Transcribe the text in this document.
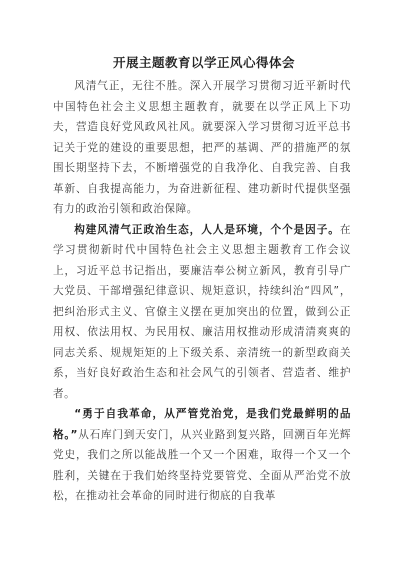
开展主题教育以学正风心得体会

风清气正，无往不胜。深入开展学习贯彻习近平新时代中国特色社会主义思想主题教育，就要在以学正风上下功夫，营造良好党风政风社风。就要深入学习贯彻习近平总书记关于党的建设的重要思想，把严的基调、严的措施严的氛围长期坚持下去，不断增强党的自我净化、自我完善、自我革新、自我提高能力，为奋进新征程、建功新时代提供坚强有力的政治引领和政治保障。

构建风清气正政治生态，人人是环境，个个是因子。在学习贯彻新时代中国特色社会主义思想主题教育工作会议上，习近平总书记指出，要廉洁奉公树立新风，教育引导广大党员、干部增强纪律意识、规矩意识，持续纠治“四风”，把纠治形式主义、官僚主义摆在更加突出的位置，做到公正用权、依法用权、为民用权、廉洁用权推动形成清清爽爽的同志关系、规规矩矩的上下级关系、亲清统一的新型政商关系，当好良好政治生态和社会风气的引领者、营造者、维护者。

“勇于自我革命，从严管党治党，是我们党最鲜明的品格。”从石库门到天安门，从兴业路到复兴路，回溯百年光辉党史，我们之所以能战胜一个又一个困难，取得一个又一个胜利，关键在于我们始终坚持党要管党、全面从严治党不放松，在推动社会革命的同时进行彻底的自我革
